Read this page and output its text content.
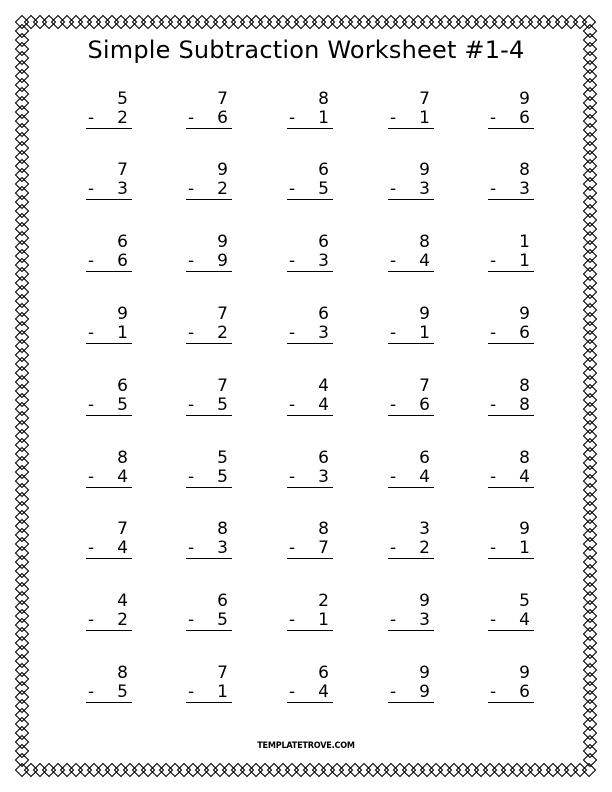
Simple Subtraction Worksheet #1-4
5
- 2
7
- 6
8
- 1
7
- 1
9
- 6
7
- 3
9
- 2
6
- 5
9
- 3
8
- 3
6
- 6
9
- 9
6
- 3
8
- 4
1
- 1
9
- 1
7
- 2
6
- 3
9
- 1
9
- 6
6
- 5
7
- 5
4
- 4
7
- 6
8
- 8
8
- 4
5
- 5
6
- 3
6
- 4
8
- 4
7
- 4
8
- 3
8
- 7
3
- 2
9
- 1
4
- 2
6
- 5
2
- 1
9
- 3
5
- 4
8
- 5
7
- 1
6
- 4
9
- 9
9
- 6
TEMPLATETROVE.COM
